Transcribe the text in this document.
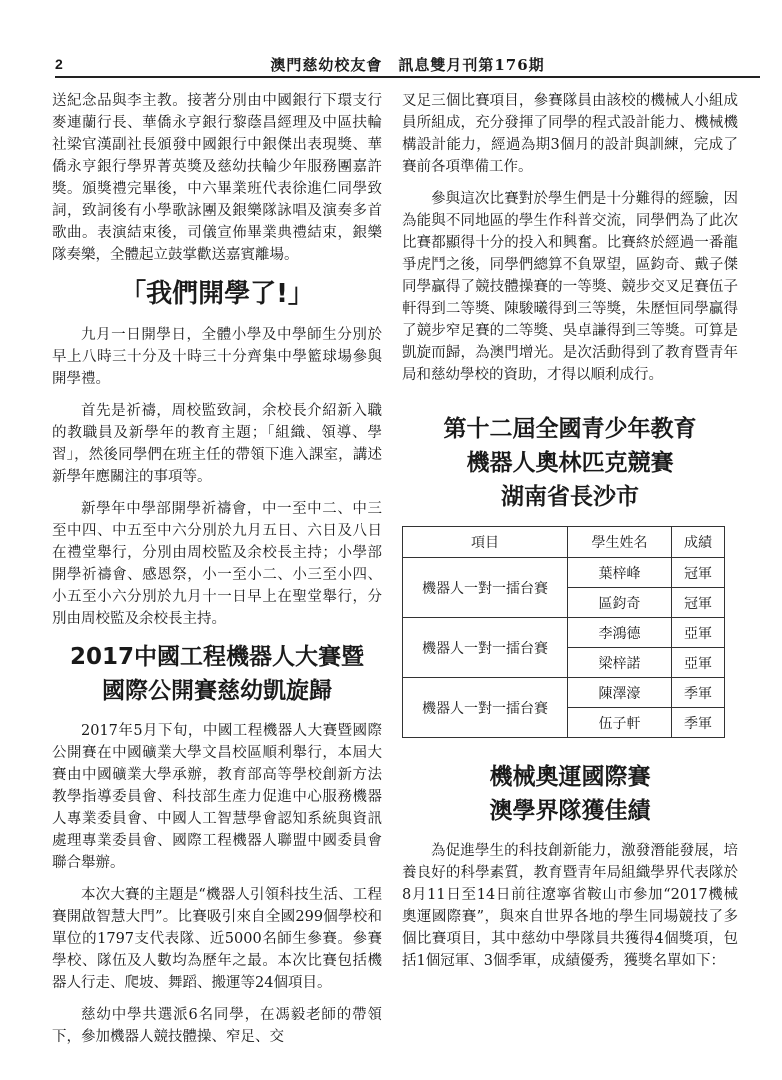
2	澳門慈幼校友會　訊息雙月刊第176期

送紀念品與李主教。接著分別由中國銀行下環支行麥連蘭行長、華僑永亨銀行黎蔭昌經理及中區扶輪社梁官漢副社長頒發中國銀行中銀傑出表現獎、華僑永亨銀行學界菁英獎及慈幼扶輪少年服務團嘉許獎。頒獎禮完畢後，中六畢業班代表徐進仁同學致詞，致詞後有小學歌詠團及銀樂隊詠唱及演奏多首歌曲。表演結束後，司儀宣佈畢業典禮結束，銀樂隊奏樂，全體起立鼓掌歡送嘉賓離場。

「我們開學了!」

九月一日開學日，全體小學及中學師生分別於早上八時三十分及十時三十分齊集中學籃球場參與開學禮。

首先是祈禱，周校監致詞，余校長介紹新入職的教職員及新學年的教育主題；「組織、領導、學習」，然後同學們在班主任的帶領下進入課室，講述新學年應關注的事項等。

新學年中學部開學祈禱會，中一至中二、中三至中四、中五至中六分別於九月五日、六日及八日在禮堂舉行，分別由周校監及余校長主持；小學部開學祈禱會、感恩祭，小一至小二、小三至小四、小五至小六分別於九月十一日早上在聖堂舉行，分別由周校監及余校長主持。

2017中國工程機器人大賽暨
國際公開賽慈幼凱旋歸

2017年5月下旬，中國工程機器人大賽暨國際公開賽在中國礦業大學文昌校區順利舉行，本屆大賽由中國礦業大學承辦，教育部高等學校創新方法教學指導委員會、科技部生產力促進中心服務機器人專業委員會、中國人工智慧學會認知系統與資訊處理專業委員會、國際工程機器人聯盟中國委員會聯合舉辦。

本次大賽的主題是“機器人引領科技生活、工程賽開啟智慧大門”。比賽吸引來自全國299個學校和單位的1797支代表隊、近5000名師生參賽。參賽學校、隊伍及人數均為歷年之最。本次比賽包括機器人行走、爬坡、舞蹈、搬運等24個項目。

慈幼中學共選派6名同學，在馮毅老師的帶領下，參加機器人競技體操、窄足、交

叉足三個比賽項目，參賽隊員由該校的機械人小組成員所組成，充分發揮了同學的程式設計能力、機械機構設計能力，經過為期3個月的設計與訓練，完成了賽前各項準備工作。

參與這次比賽對於學生們是十分難得的經驗，因為能與不同地區的學生作科普交流，同學們為了此次比賽都顯得十分的投入和興奮。比賽終於經過一番龍爭虎鬥之後，同學們總算不負眾望，區鈞奇、戴子傑同學贏得了競技體操賽的一等獎、競步交叉足賽伍子軒得到二等獎、陳駿曦得到三等獎，朱歷恒同學贏得了競步窄足賽的二等獎、吳卓謙得到三等獎。可算是凱旋而歸，為澳門增光。是次活動得到了教育暨青年局和慈幼學校的資助，才得以順利成行。

第十二屆全國青少年教育
機器人奧林匹克競賽
湖南省長沙市
項目	學生姓名	成績
機器人一對一擂台賽	葉梓峰	冠軍
	區鈞奇	冠軍
機器人一對一擂台賽	李鴻德	亞軍
	梁梓諾	亞軍
機器人一對一擂台賽	陳澤濠	季軍
	伍子軒	季軍
機械奧運國際賽
澳學界隊獲佳績

為促進學生的科技創新能力，激發潛能發展，培養良好的科學素質，教育暨青年局組織學界代表隊於8月11日至14日前往遼寧省鞍山市參加“2017機械奧運國際賽”，與來自世界各地的學生同場競技了多個比賽項目，其中慈幼中學隊員共獲得4個獎項，包括1個冠軍、3個季軍，成績優秀，獲獎名單如下：
